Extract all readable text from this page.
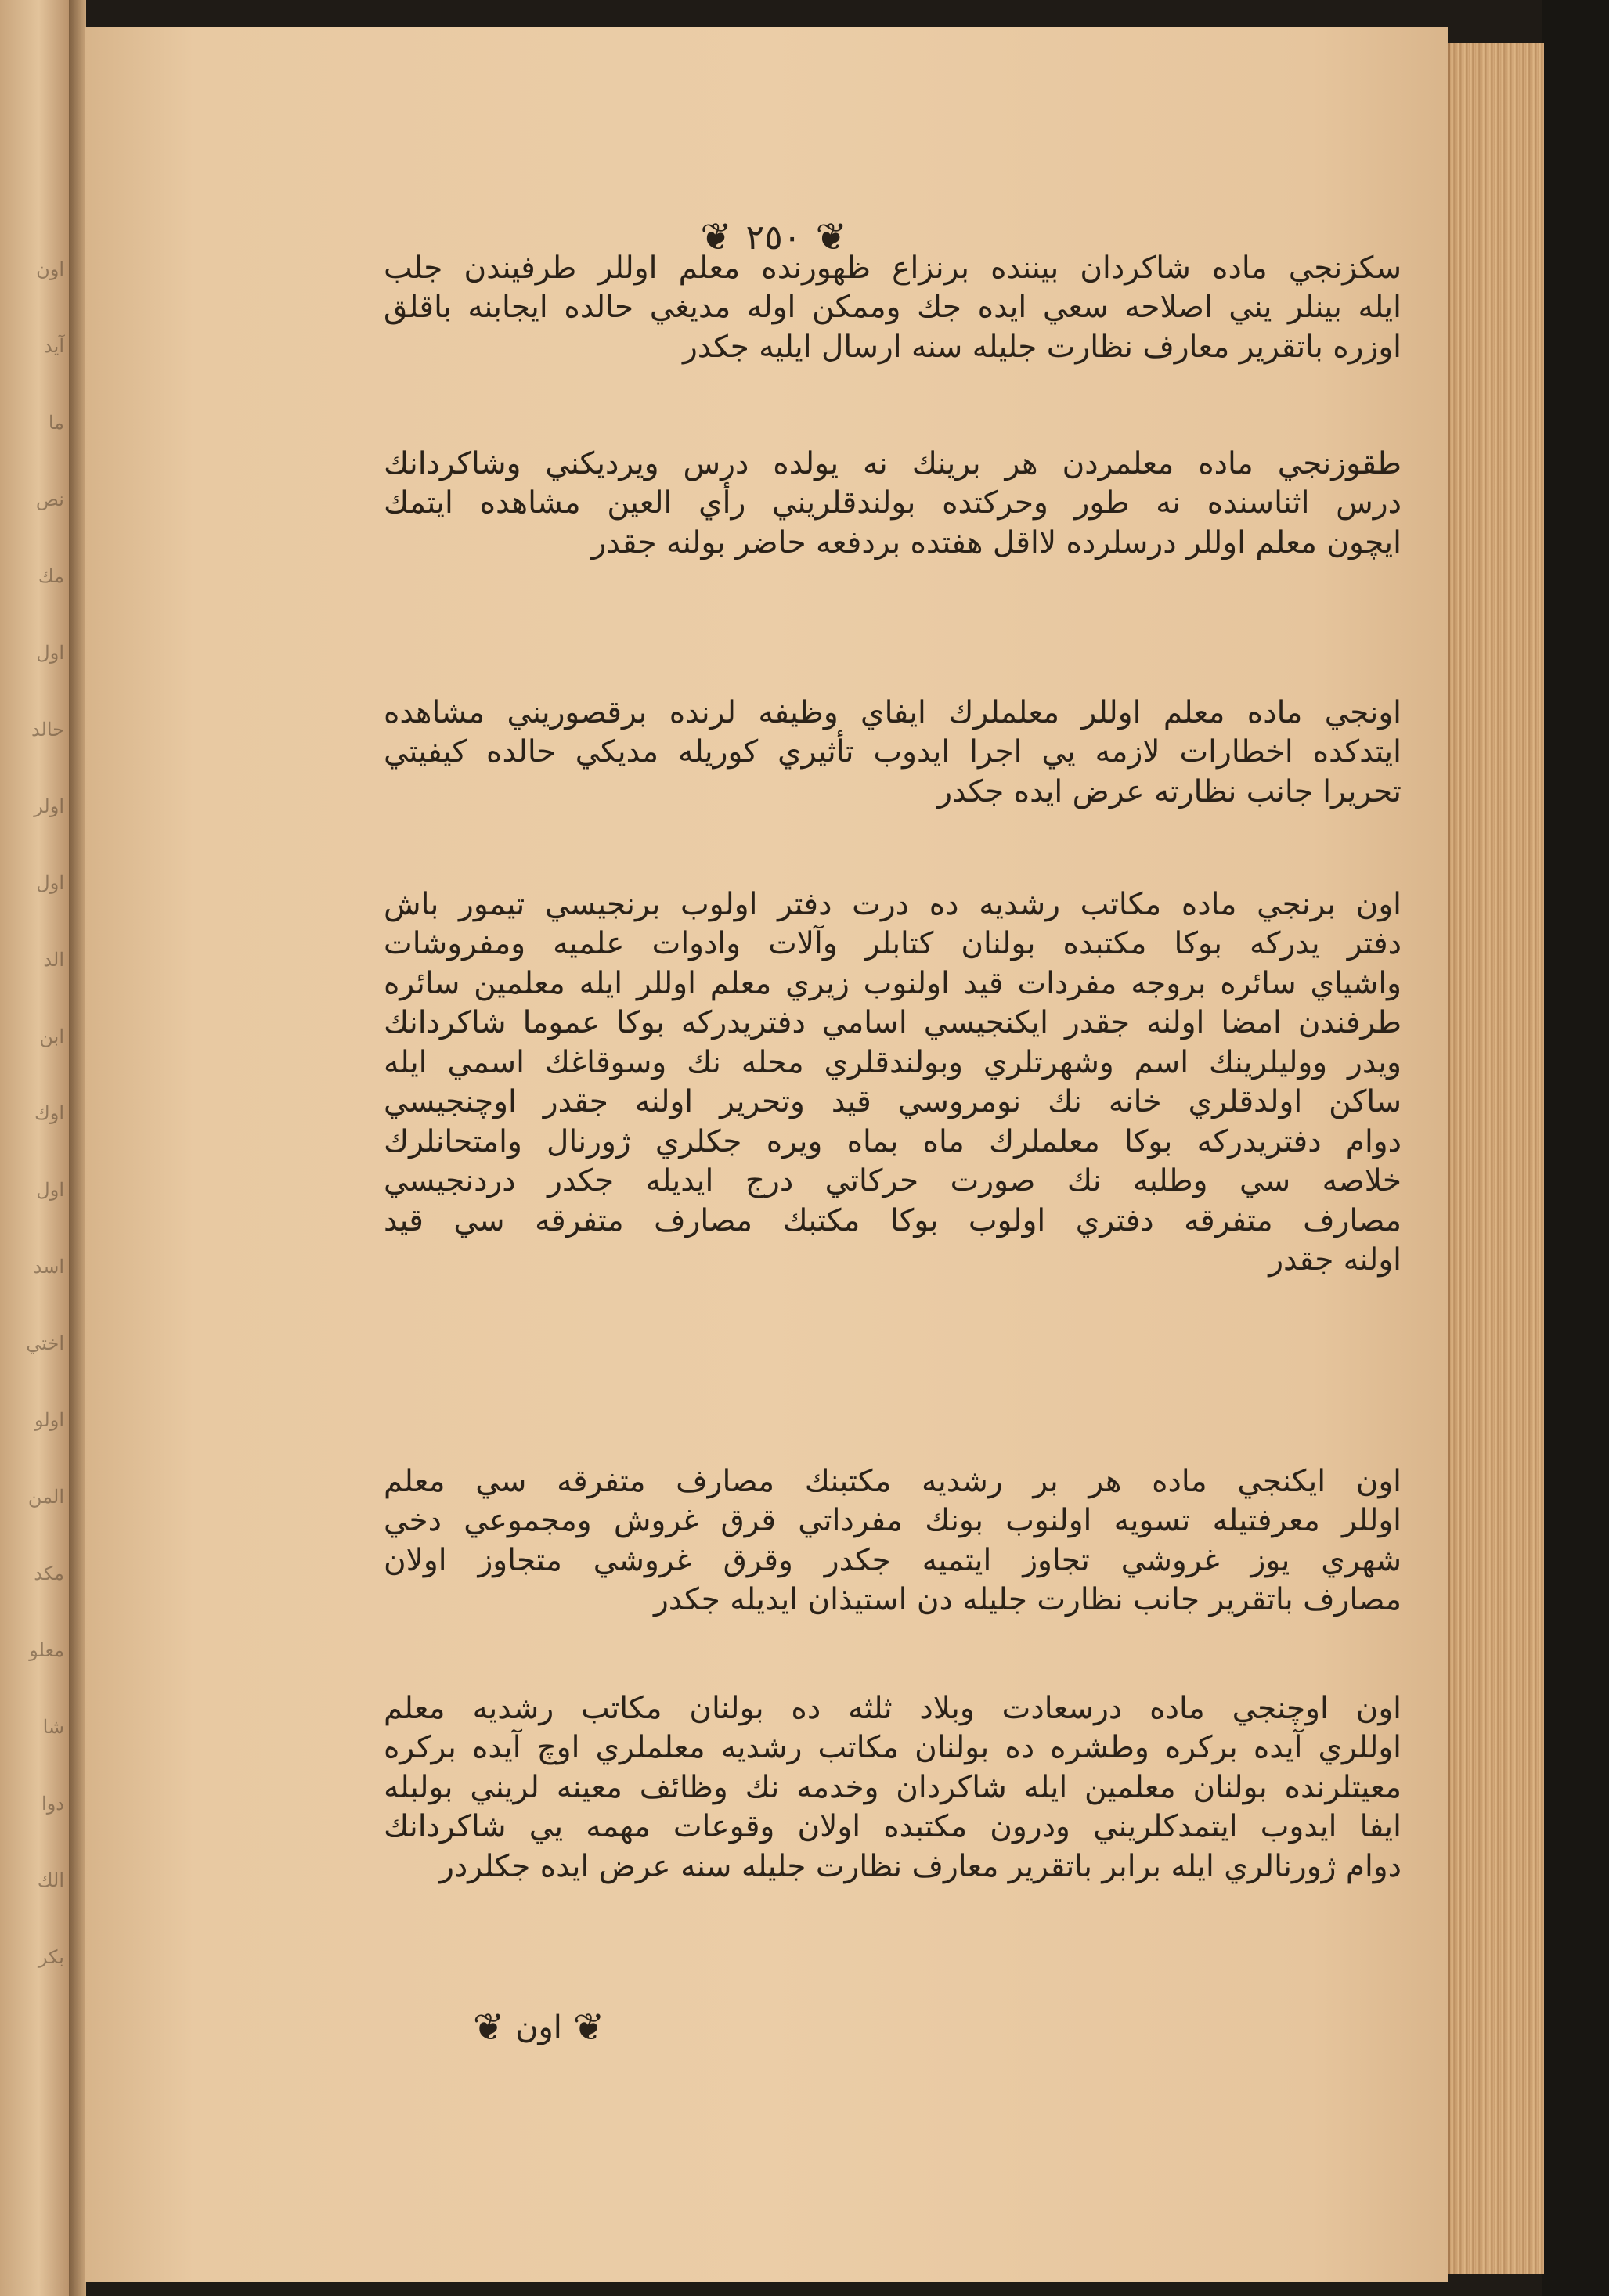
اون
آيد
ما
نص
مك
اول
حالد
اولر
اول
الد
ابن
اوك
اول
اسد
اختي
اولو
المن
مكد
معلو
شا
دوا
الك
بكر
❦
٢٥٠
❦
سكزنجي ماده شاكردان بيننده برنزاع ظهورنده معلم اوللر طرفيندن جلب
ايله بينلر يني اصلاحه سعي ايده جك وممكن اوله مديغي حالده ايجابنه باقلق
اوزره باتقرير معارف نظارت جليله سنه ارسال ايليه جكدر
طقوزنجي ماده معلمردن هر برينك نه يولده درس ويرديكني وشاكردانك
درس اثناسنده نه طور وحركتده بولندقلريني رأي العين مشاهده ايتمك
ايچون معلم اوللر درسلرده لااقل هفتده بردفعه حاضر بولنه جقدر
اونجي ماده معلم اوللر معلملرك ايفاي وظيفه لرنده برقصوريني مشاهده
ايتدكده اخطارات لازمه يي اجرا ايدوب تأثيري كوريله مديكي حالده كيفيتي
تحريرا جانب نظارته عرض ايده جكدر
اون برنجي ماده مكاتب رشديه ده درت دفتر اولوب برنجيسي تيمور باش
دفتر يدركه بوكا مكتبده بولنان كتابلر وآلات وادوات علميه ومفروشات
واشياي سائره بروجه مفردات قيد اولنوب زيري معلم اوللر ايله معلمين سائره
طرفندن امضا اولنه جقدر ايكنجيسي اسامي دفتريدركه بوكا عموما شاكردانك
ويدر ووليلرينك اسم وشهرتلري وبولندقلري محله نك وسوقاغك اسمي ايله
ساكن اولدقلري خانه نك نومروسي قيد وتحرير اولنه جقدر اوچنجيسي
دوام دفتريدركه بوكا معلملرك ماه بماه ويره جكلري ژورنال وامتحانلرك
خلاصه سي وطلبه نك صورت حركاتي درج ايديله جكدر دردنجيسي
مصارف متفرقه دفتري اولوب بوكا مكتبك مصارف متفرقه سي قيد
اولنه جقدر
اون ايكنجي ماده هر بر رشديه مكتبنك مصارف متفرقه سي معلم
اوللر معرفتيله تسويه اولنوب بونك مفرداتي قرق غروش ومجموعي دخي
شهري يوز غروشي تجاوز ايتميه جكدر وقرق غروشي متجاوز اولان
مصارف باتقرير جانب نظارت جليله دن استيذان ايديله جكدر
اون اوچنجي ماده درسعادت وبلاد ثلثه ده بولنان مكاتب رشديه معلم
اوللري آيده بركره وطشره ده بولنان مكاتب رشديه معلملري اوچ آيده بركره
معيتلرنده بولنان معلمين ايله شاكردان وخدمه نك وظائف معينه لريني بولبله
ايفا ايدوب ايتمدكلريني ودرون مكتبده اولان وقوعات مهمه يي شاكردانك
دوام ژورنالري ايله برابر باتقرير معارف نظارت جليله سنه عرض ايده جكلردر
❦
اون
❦
